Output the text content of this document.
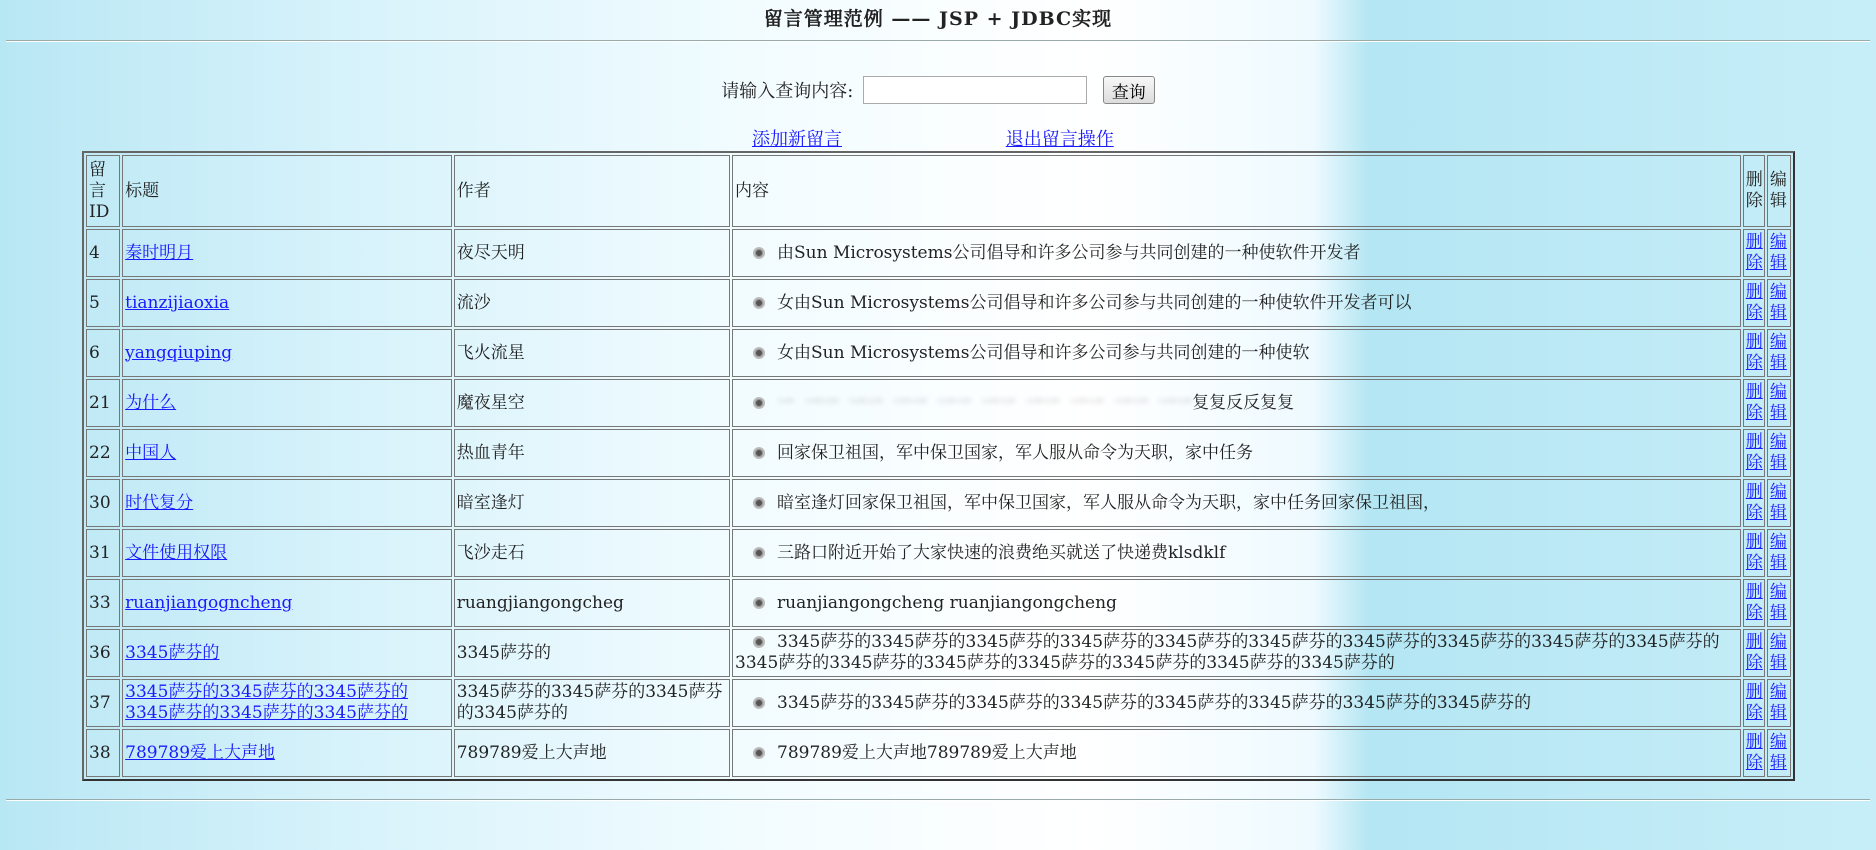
留言管理范例 —— JSP + JDBC实现
请输入查询内容:	查询
添加新留言	退出留言操作
留言ID	标题	作者	内容	删除	编辑
4	秦时明月	夜尽天明	由Sun Microsystems公司倡导和许多公司参与共同创建的一种使软件开发者	删除	编辑
5	tianzijiaoxia	流沙	女由Sun Microsystems公司倡导和许多公司参与共同创建的一种使软件开发者可以	删除	编辑
6	yangqiuping	飞火流星	女由Sun Microsystems公司倡导和许多公司参与共同创建的一种使软	删除	编辑
21	为什么	魔夜星空	一 一一 一一 一一 一一 一一 一一 一一 一一 一一复复反反复复	删除	编辑
22	中国人	热血青年	回家保卫祖国，军中保卫国家，军人服从命令为天职，家中任务	删除	编辑
30	时代复分	暗室逢灯	暗室逢灯回家保卫祖国，军中保卫国家，军人服从命令为天职，家中任务回家保卫祖国，	删除	编辑
31	文件使用权限	飞沙走石	三路口附近开始了大家快速的浪费绝买就送了快递费klsdklf	删除	编辑
33	ruanjiangogncheng	ruangjiangongcheg	ruanjiangongcheng ruanjiangongcheng	删除	编辑
36	3345萨芬的	3345萨芬的	3345萨芬的3345萨芬的3345萨芬的3345萨芬的3345萨芬的3345萨芬的3345萨芬的3345萨芬的3345萨芬的3345萨芬的3345萨芬的3345萨芬的3345萨芬的3345萨芬的3345萨芬的3345萨芬的3345萨芬的	删除	编辑
37	3345萨芬的3345萨芬的3345萨芬的3345萨芬的3345萨芬的3345萨芬的	3345萨芬的3345萨芬的3345萨芬的3345萨芬的	3345萨芬的3345萨芬的3345萨芬的3345萨芬的3345萨芬的3345萨芬的3345萨芬的3345萨芬的	删除	编辑
38	789789爱上大声地	789789爱上大声地	789789爱上大声地789789爱上大声地	删除	编辑
